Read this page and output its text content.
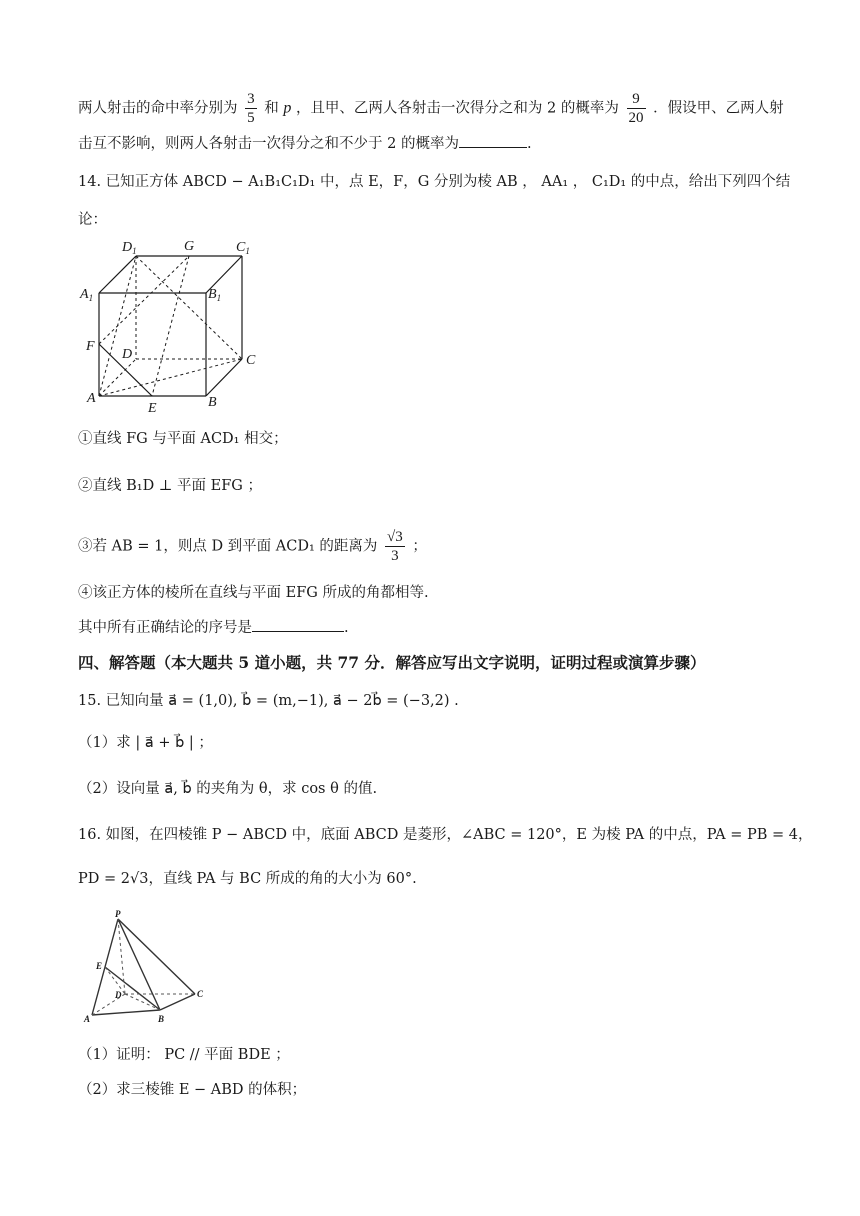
两人射击的命中率分别为 $\frac{3}{5}$ 和 p ，且甲、乙两人各射击一次得分之和为 2 的概率为 $\frac{9}{20}$ ．假设甲、乙两人射
击互不影响，则两人各射击一次得分之和不少于 2 的概率为	.
14. 已知正方体 ABCD − A₁B₁C₁D₁ 中，点 E，F，G 分别为棱 AB ， AA₁ ， C₁D₁ 的中点，给出下列四个结
论：
$D_1$	G	$C_1$
$A_1$	$B_1$
F
D	C
A
E	B
①直线 FG 与平面 ACD₁ 相交；
②直线 B₁D ⊥ 平面 EFG ；
③若 AB = 1，则点 D 到平面 ACD₁ 的距离为 $\frac{√3}{3}$ ；
④该正方体的棱所在直线与平面 EFG 所成的角都相等.
其中所有正确结论的序号是	.
四、解答题（本大题共 5 道小题，共 77 分．解答应写出文字说明，证明过程或演算步骤）
15. 已知向量 a⃗ = (1,0), b⃗ = (m,−1), a⃗ − 2b⃗ = (−3,2) .
（1）求 | a⃗ + b⃗ | ；
（2）设向量 a⃗, b⃗ 的夹角为 θ，求 cos θ 的值.
16. 如图，在四棱锥 P − ABCD 中，底面 ABCD 是菱形，∠ABC = 120°，E 为棱 PA 的中点，PA = PB = 4，
PD = 2√3，直线 PA 与 BC 所成的角的大小为 60°.
P
E
D	C
A	B
（1）证明： PC // 平面 BDE ；
（2）求三棱锥 E − ABD 的体积；
